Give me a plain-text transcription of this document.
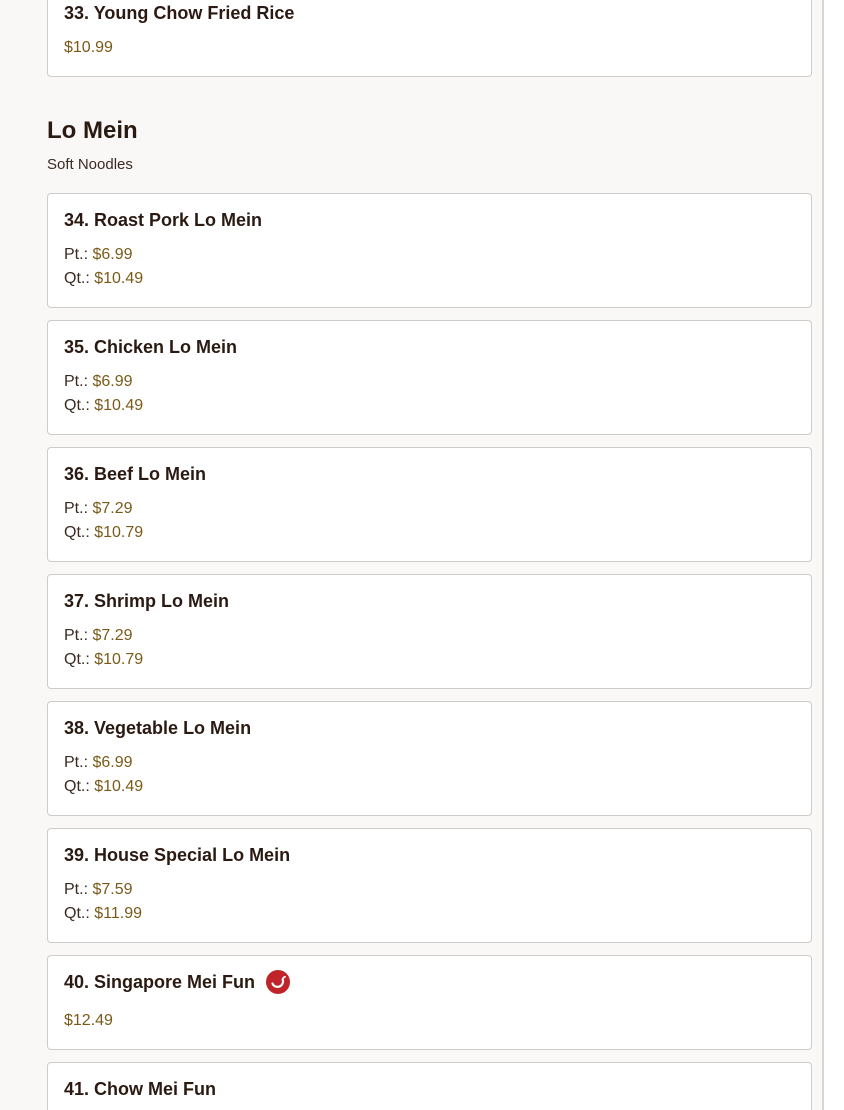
33. Young Chow Fried Rice
$10.99
Lo Mein
Soft Noodles
34. Roast Pork Lo Mein
Pt.: $6.99
Qt.: $10.49
35. Chicken Lo Mein
Pt.: $6.99
Qt.: $10.49
36. Beef Lo Mein
Pt.: $7.29
Qt.: $10.79
37. Shrimp Lo Mein
Pt.: $7.29
Qt.: $10.79
38. Vegetable Lo Mein
Pt.: $6.99
Qt.: $10.49
39. House Special Lo Mein
Pt.: $7.59
Qt.: $11.99
40. Singapore Mei Fun
$12.49
41. Chow Mei Fun
